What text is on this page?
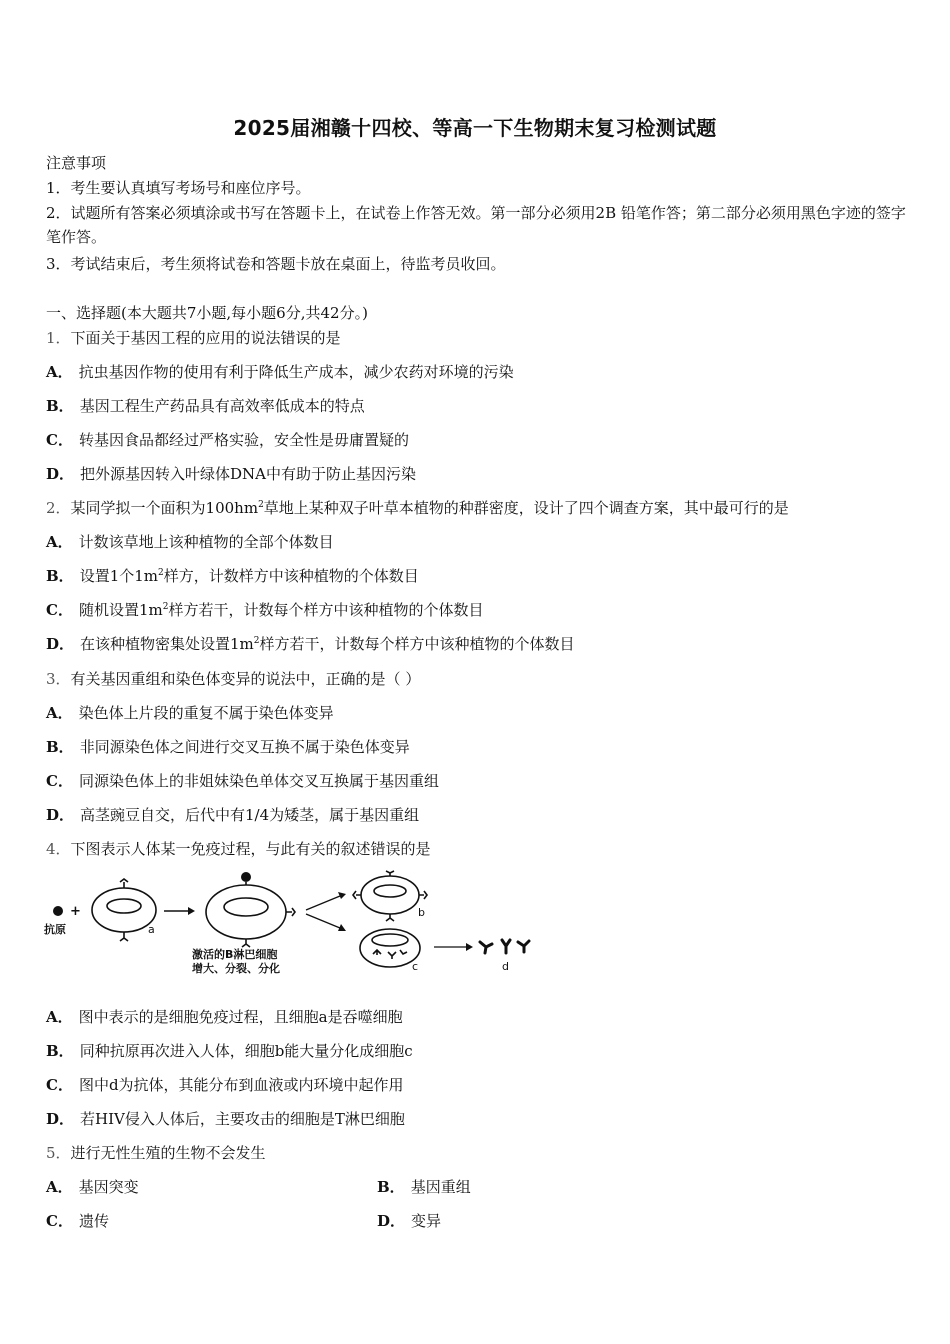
2025届湘赣十四校、等高一下生物期末复习检测试题
注意事项
1．考生要认真填写考场号和座位序号。
2．试题所有答案必须填涂或书写在答题卡上，在试卷上作答无效。第一部分必须用2B 铅笔作答；第二部分必须用黑色字迹的签字笔作答。
3．考试结束后，考生须将试卷和答题卡放在桌面上，待监考员收回。
一、选择题(本大题共7小题,每小题6分,共42分。)
1．下面关于基因工程的应用的说法错误的是
A． 抗虫基因作物的使用有利于降低生产成本，减少农药对环境的污染
B． 基因工程生产药品具有高效率低成本的特点
C． 转基因食品都经过严格实验，安全性是毋庸置疑的
D． 把外源基因转入叶绿体DNA中有助于防止基因污染
2．某同学拟一个面积为$100hm^2$草地上某种双子叶草本植物的种群密度，设计了四个调查方案，其中最可行的是
A． 计数该草地上该种植物的全部个体数目
B． 设置1个$1m^2$样方，计数样方中该种植物的个体数目
C． 随机设置$1m^2$样方若干，计数每个样方中该种植物的个体数目
D． 在该种植物密集处设置$1m^2$样方若干，计数每个样方中该种植物的个体数目
3．有关基因重组和染色体变异的说法中，正确的是（ ）
A． 染色体上片段的重复不属于染色体变异
B． 非同源染色体之间进行交叉互换不属于染色体变异
C． 同源染色体上的非姐妹染色单体交叉互换属于基因重组
D． 高茎豌豆自交，后代中有1/4为矮茎，属于基因重组
4．下图表示人体某一免疫过程，与此有关的叙述错误的是
+
抗原	a
激活的B淋巴细胞
增大、分裂、分化
b
c	d
A． 图中表示的是细胞免疫过程，且细胞a是吞噬细胞
B． 同种抗原再次进入人体，细胞b能大量分化成细胞c
C． 图中d为抗体，其能分布到血液或内环境中起作用
D． 若HIV侵入人体后，主要攻击的细胞是T淋巴细胞
5．进行无性生殖的生物不会发生
A． 基因突变	B． 基因重组
C． 遗传	D． 变异
